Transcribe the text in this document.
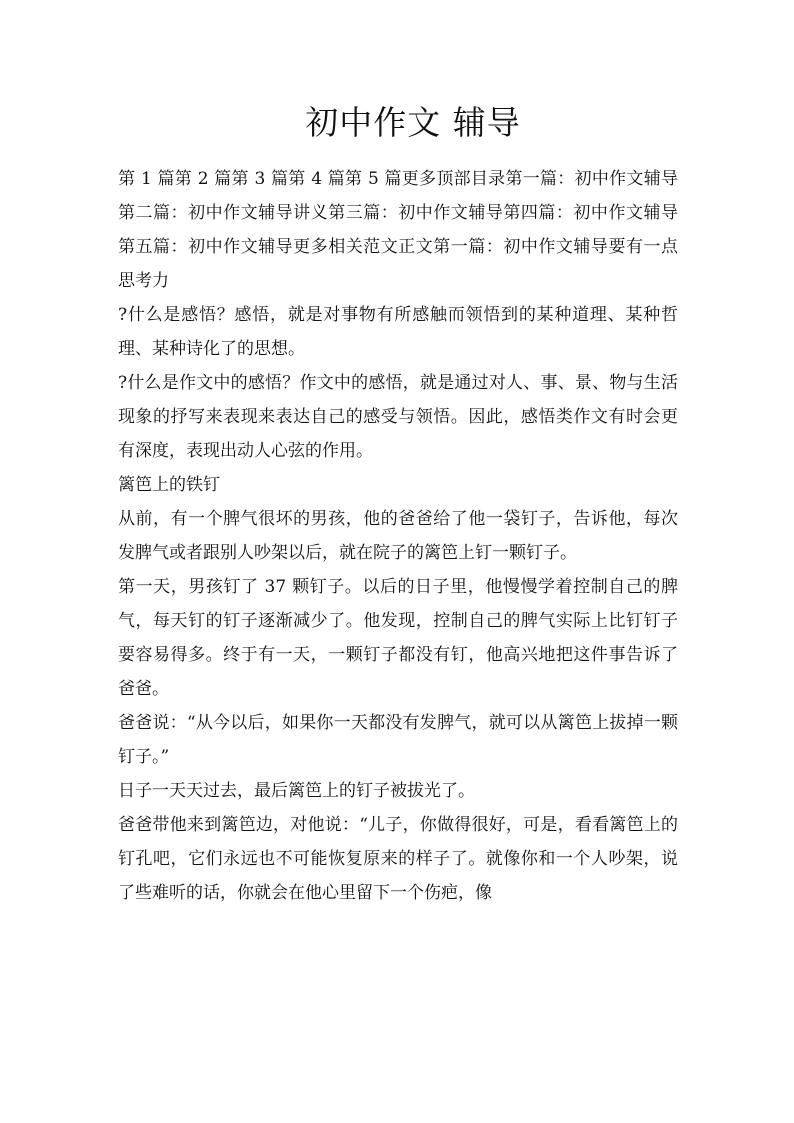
初中作文 辅导

第 1 篇第 2 篇第 3 篇第 4 篇第 5 篇更多顶部目录第一篇：初中作文辅导第二篇：初中作文辅导讲义第三篇：初中作文辅导第四篇：初中作文辅导第五篇：初中作文辅导更多相关范文正文第一篇：初中作文辅导要有一点思考力

?什么是感悟？感悟，就是对事物有所感触而领悟到的某种道理、某种哲理、某种诗化了的思想。

?什么是作文中的感悟？作文中的感悟，就是通过对人、事、景、物与生活现象的抒写来表现来表达自己的感受与领悟。因此，感悟类作文有时会更有深度，表现出动人心弦的作用。

篱笆上的铁钉

从前，有一个脾气很坏的男孩，他的爸爸给了他一袋钉子，告诉他，每次发脾气或者跟别人吵架以后，就在院子的篱笆上钉一颗钉子。

第一天，男孩钉了 37 颗钉子。以后的日子里，他慢慢学着控制自己的脾气，每天钉的钉子逐渐减少了。他发现，控制自己的脾气实际上比钉钉子要容易得多。终于有一天，一颗钉子都没有钉，他高兴地把这件事告诉了爸爸。

爸爸说：“从今以后，如果你一天都没有发脾气，就可以从篱笆上拔掉一颗钉子。”

日子一天天过去，最后篱笆上的钉子被拔光了。

爸爸带他来到篱笆边，对他说：“儿子，你做得很好，可是，看看篱笆上的钉孔吧，它们永远也不可能恢复原来的样子了。就像你和一个人吵架，说了些难听的话，你就会在他心里留下一个伤疤，像
